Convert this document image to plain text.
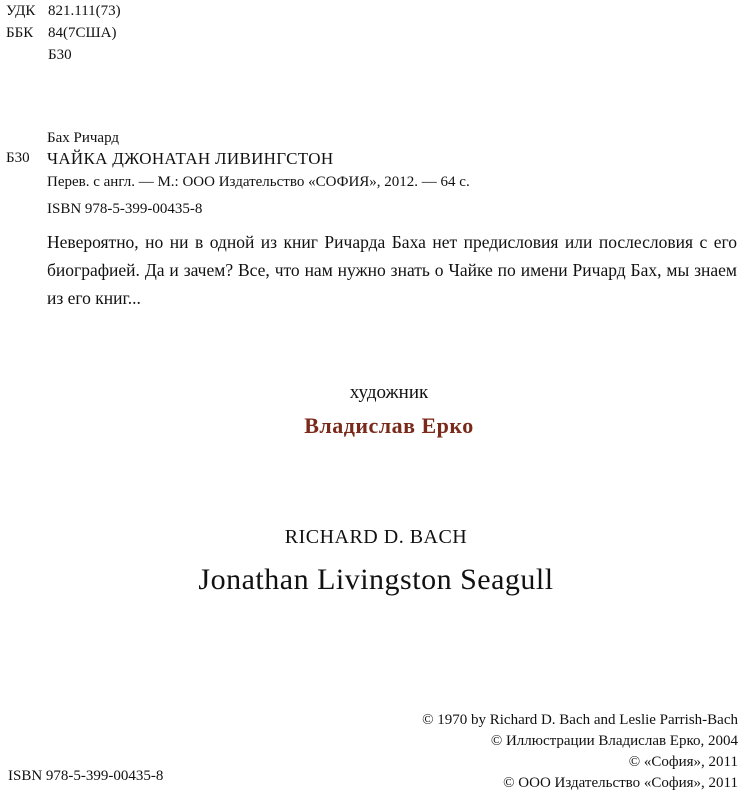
УДК 821.111(73)
ББК 84(7США)
Б30
Бах Ричард
Б30 ЧАЙКА ДЖОНАТАН ЛИВИНГСТОН
Перев. с англ. — М.: ООО Издательство «СОФИЯ», 2012. — 64 с.
ISBN 978-5-399-00435-8
Невероятно, но ни в одной из книг Ричарда Баха нет предисловия или послесловия с его биографией. Да и зачем? Все, что нам нужно знать о Чайке по имени Ричард Бах, мы знаем из его книг...
художник
Владислав Ерко
RICHARD D. BACH
Jonathan Livingston Seagull
© 1970 by Richard D. Bach and Leslie Parrish-Bach
© Иллюстрации Владислав Ерко, 2004
© «София», 2011
© ООО Издательство «София», 2011
ISBN 978-5-399-00435-8
